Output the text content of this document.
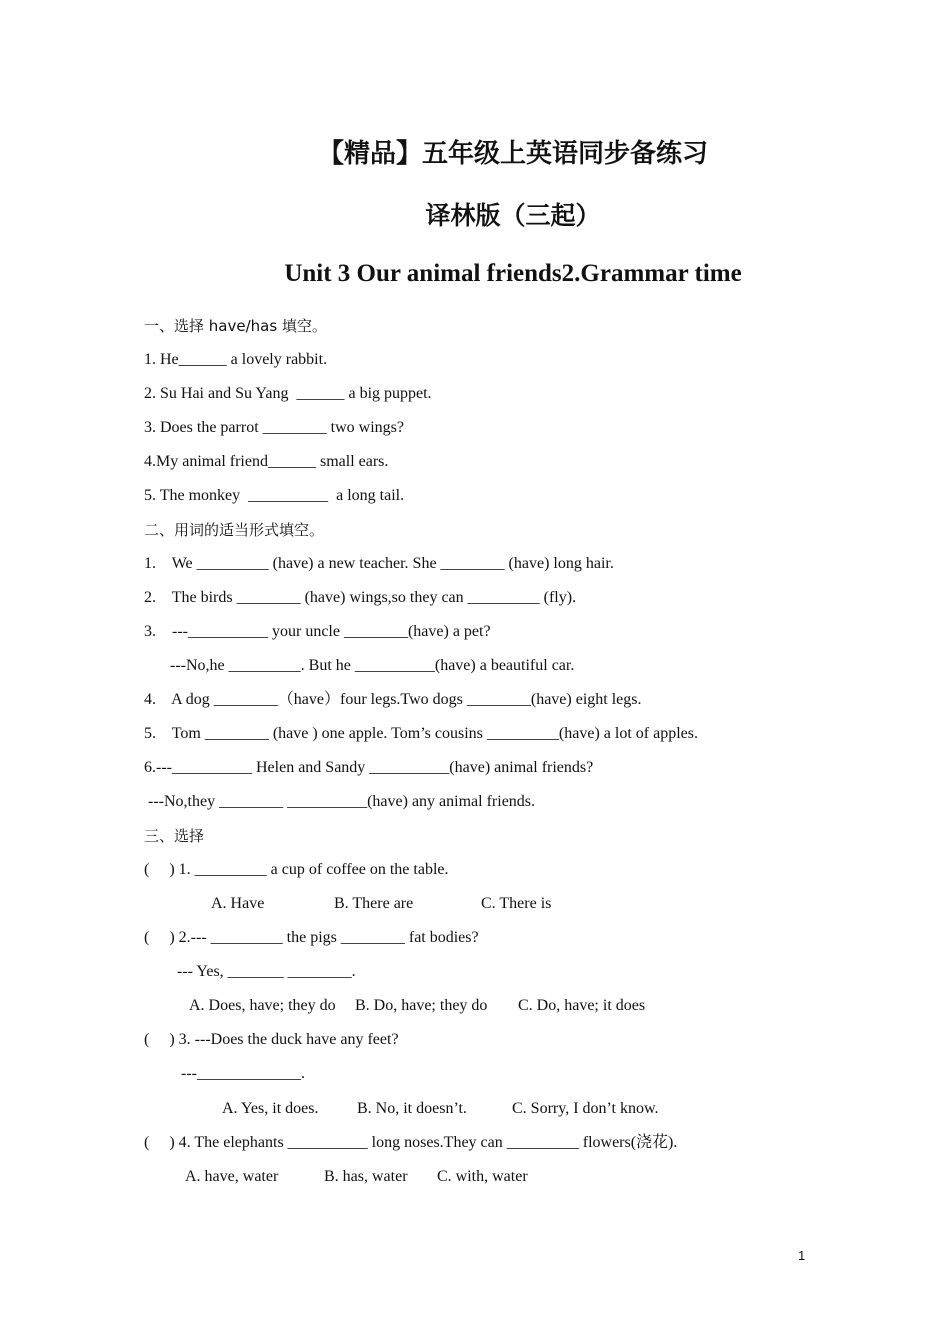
【精品】五年级上英语同步备练习
译林版（三起）
Unit 3 Our animal friends2.Grammar time
一、选择 have/has 填空。
1. He______ a lovely rabbit.
2. Su Hai and Su Yang  ______ a big puppet.
3. Does the parrot ________ two wings?
4.My animal friend______ small ears.
5. The monkey  __________  a long tail.
二、用词的适当形式填空。
1.    We _________ (have) a new teacher. She ________ (have) long hair.
2.    The birds ________ (have) wings,so they can _________ (fly).
3.    ---__________ your uncle ________(have) a pet?
---No,he _________. But he __________(have) a beautiful car.
4.    A dog ________（have）four legs.Two dogs ________(have) eight legs.
5.    Tom ________ (have ) one apple. Tom’s cousins _________(have) a lot of apples.
6.---__________ Helen and Sandy __________(have) animal friends?
---No,they ________ __________(have) any animal friends.
三、选择
(     ) 1. _________ a cup of coffee on the table.
A. Have	B. There are	C. There is
(     ) 2.--- _________ the pigs ________ fat bodies?
--- Yes, _______ ________.
A. Does, have; they do B. Do, have; they do C. Do, have; it does
(     ) 3. ---Does the duck have any feet?
---_____________.
A. Yes, it does. B. No, it doesn’t.	C. Sorry, I don’t know.
(     ) 4. The elephants __________ long noses.They can _________ flowers(浇花).
A. have, water	B. has, water C. with, water
1
